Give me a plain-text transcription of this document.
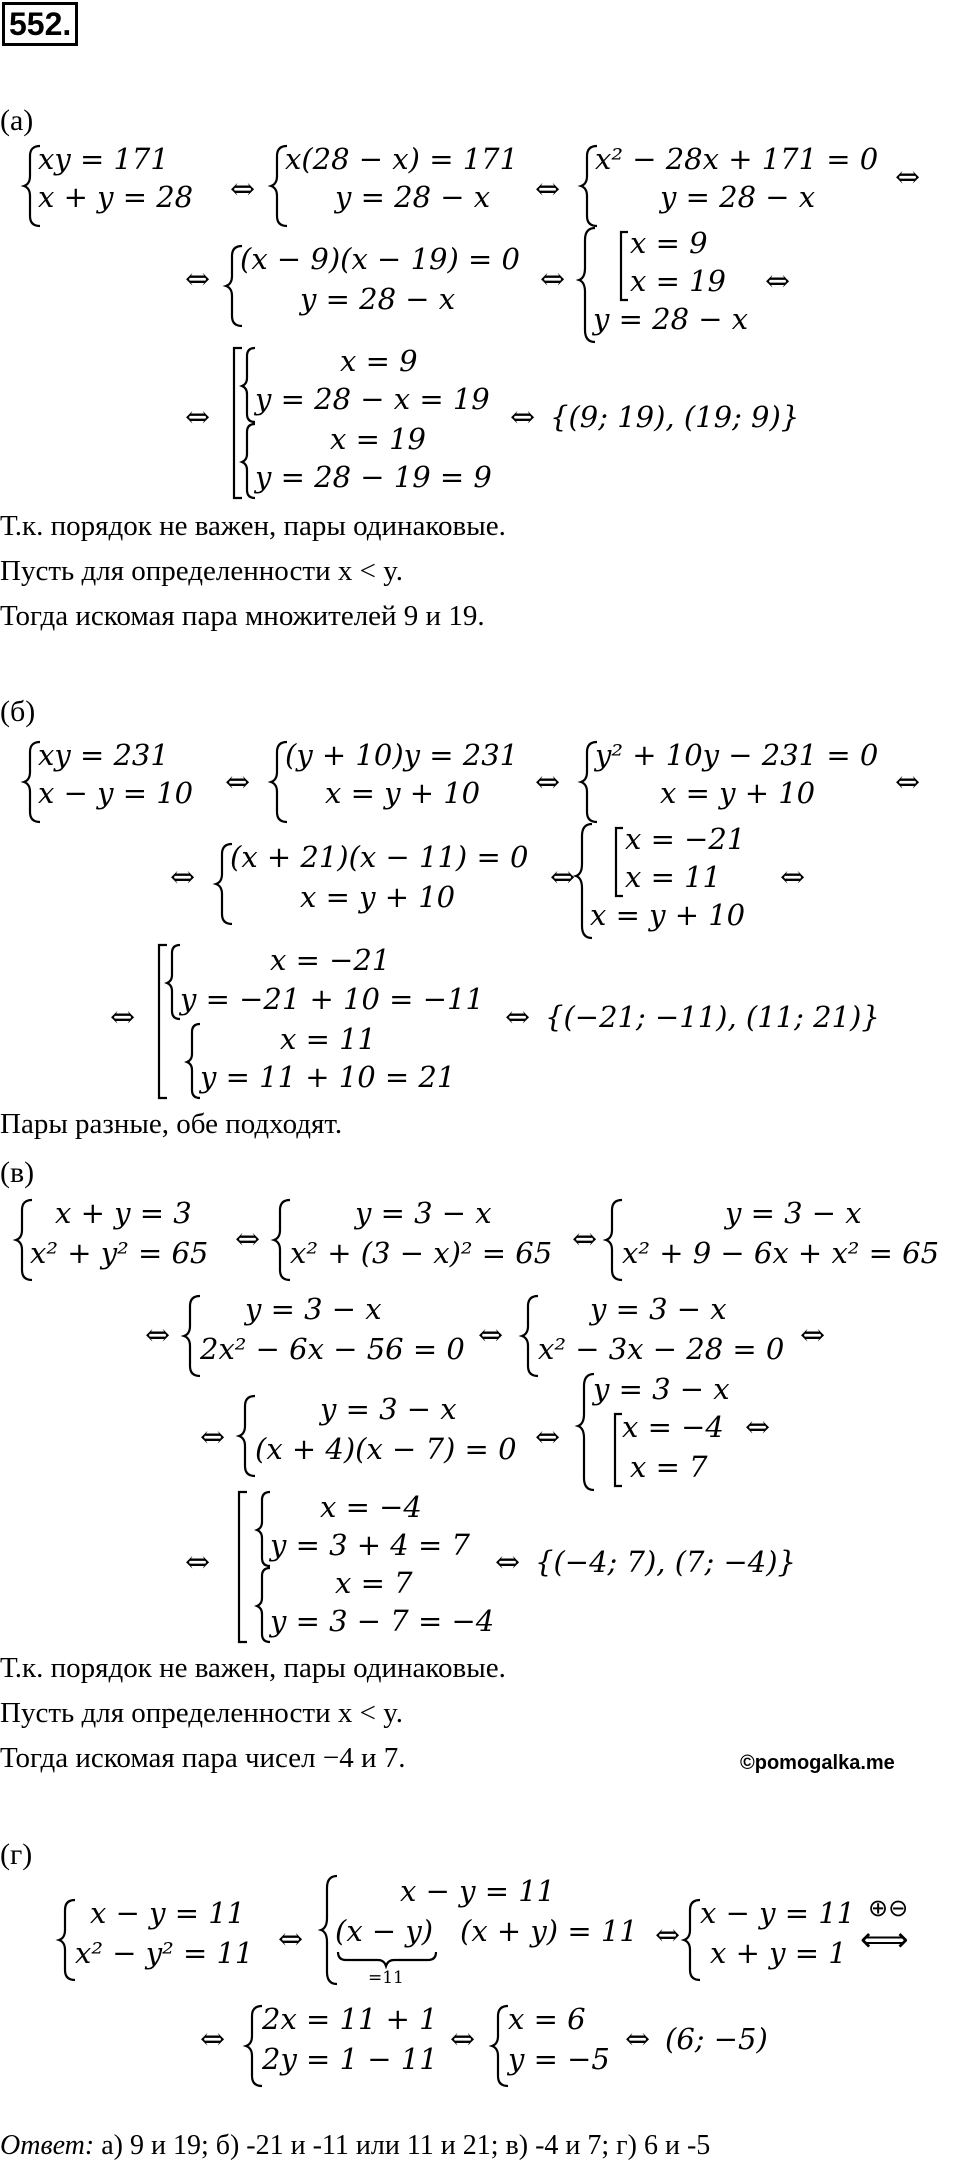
552.
(а)
xy = 171
x + y = 28 ⇔
x(28 − x) = 171
y = 28 − x ⇔
x² − 28x + 171 = 0
y = 28 − x
⇔
⇔
(x − 9)(x − 19) = 0
y = 28 − x
⇔
x = 9
x = 19
y = 28 − x
⇔
⇔
x = 9
y = 28 − x = 19
x = 19
y = 28 − 19 = 9
⇔ {(9; 19), (19; 9)}
Т.к. порядок не важен, пары одинаковые.
Пусть для определенности x < y.
Тогда искомая пара множителей 9 и 19.
(б)
xy = 231
x − y = 10 ⇔
(y + 10)y = 231
x = y + 10 ⇔
y² + 10y − 231 = 0
x = y + 10	⇔
⇔
(x + 21)(x − 11) = 0
x = y + 10
⇔
x = −21
x = 11
x = y + 10
⇔
⇔
x = −21
y = −21 + 10 = −11
x = 11
y = 11 + 10 = 21
⇔ {(−21; −11), (11; 21)}
Пары разные, обе подходят.
(в)
x + y = 3
x² + y² = 65 ⇔
y = 3 − x
x² + (3 − x)² = 65 ⇔
y = 3 − x
x² + 9 − 6x + x² = 65
⇔
y = 3 − x
2x² − 6x − 56 = 0 ⇔
y = 3 − x
x² − 3x − 28 = 0 ⇔
⇔
y = 3 − x
(x + 4)(x − 7) = 0 ⇔
y = 3 − x
x = −4
x = 7
⇔
⇔
x = −4
y = 3 + 4 = 7
x = 7
y = 3 − 7 = −4
⇔ {(−4; 7), (7; −4)}
Т.к. порядок не важен, пары одинаковые.
Пусть для определенности x < y.
Тогда искомая пара чисел −4 и 7.	©pomogalka.me
(г)
x − y = 11
x² − y² = 11 ⇔
x − y = 11
(x − y) (x + y) = 11
=11
⇔
x − y = 11
x + y = 1
⊕⊖
⟺
⇔
2x = 11 + 1
2y = 1 − 11
⇔
x = 6
y = −5
⇔ (6; −5)
Ответ: а) 9 и 19; б) -21 и -11 или 11 и 21; в) -4 и 7; г) 6 и -5
